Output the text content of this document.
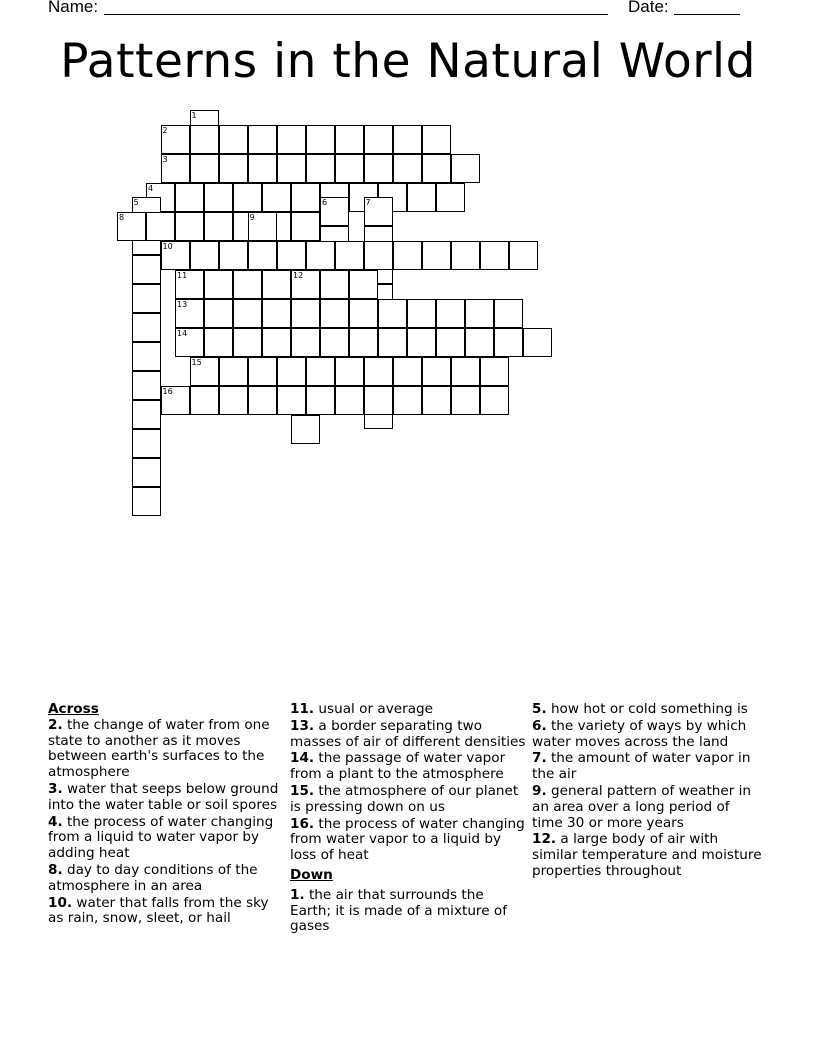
Name:	Date:
Patterns in the Natural World
1
2
3
4
5	6	7
8	9
10
11	12
13
14
15
16
Across
2. the change of water from one state to another as it moves between earth's surfaces to the atmosphere
3. water that seeps below ground into the water table or soil spores
4. the process of water changing from a liquid to water vapor by adding heat
8. day to day conditions of the atmosphere in an area
10. water that falls from the sky as rain, snow, sleet, or hail
11. usual or average
13. a border separating two masses of air of different densities
14. the passage of water vapor from a plant to the atmosphere
15. the atmosphere of our planet is pressing down on us
16. the process of water changing from water vapor to a liquid by loss of heat
Down
1. the air that surrounds the Earth; it is made of a mixture of gases
5. how hot or cold something is
6. the variety of ways by which water moves across the land
7. the amount of water vapor in the air
9. general pattern of weather in an area over a long period of time 30 or more years
12. a large body of air with similar temperature and moisture properties throughout
